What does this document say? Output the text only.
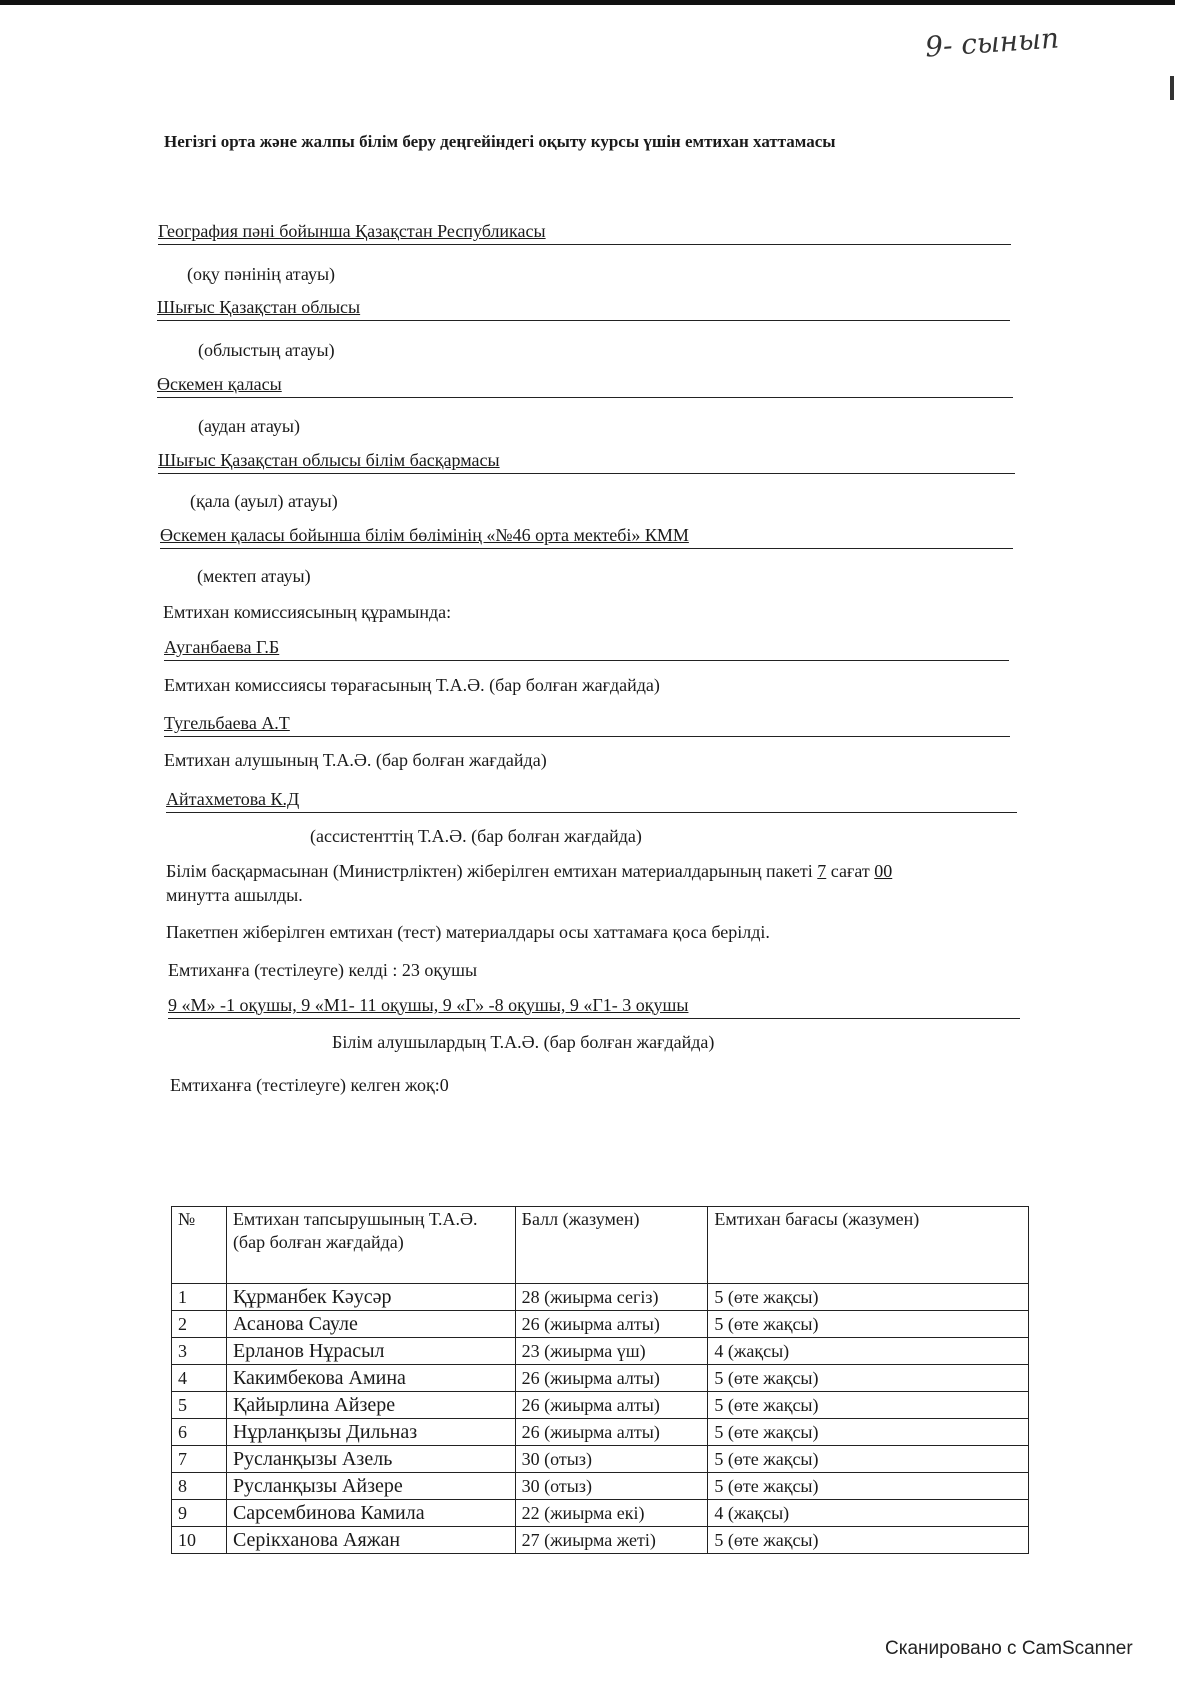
9- сынып
Негізгі орта жәнe жалпы білім беру деңгейіндегі оқыту курсы үшін емтихан хаттамасы
География пәні бойынша Қазақстан Республикасы
(оқу пәнінің атауы)
Шығыс Қазақстан облысы
(облыстың атауы)
Өскемен қаласы
(аудан атауы)
Шығыс Қазақстан облысы білім басқармасы
(қала (ауыл) атауы)
Өскемен қаласы бойынша білім бөлімінің «№46 орта мектебі» КММ
(мектеп атауы)
Емтихан комиссиясының құрамында:
Ауганбаева Г.Б
Емтихан комиссиясы төрағасының Т.А.Ә. (бар болған жағдайда)
Тугельбаева А.Т
Емтихан алушының Т.А.Ә. (бар болған жағдайда)
Айтахметова К.Д
(ассистенттің Т.А.Ә. (бар болған жағдайда)
Білім басқармасынан (Министрліктен) жіберілген емтихан материалдарының пакеті 7 сағат 00
минутта ашылды.
Пакетпен жіберілген емтихан (тест) материалдары осы хаттамаға қоса берілді.
Емтиханға (тестілеуге) келді : 23 оқушы
9 «М» -1 оқушы, 9 «М1- 11 оқушы, 9 «Г» -8 оқушы, 9 «Г1- 3 оқушы
Білім алушылардың Т.А.Ә. (бар болған жағдайда)
Емтиханға (тестілеуге) келген жоқ:0
№	Емтихан тапсырушының Т.А.Ә. (бар болған жағдайда)	Балл (жазумен)	Емтихан бағасы (жазумен)
1	Құрманбек Кәусәр	28 (жиырма сегіз)	5 (өте жақсы)
2	Асанова Сауле	26 (жиырма алты)	5 (өте жақсы)
3	Ерланов Нұрасыл	23 (жиырма үш)	4 (жақсы)
4	Какимбекова Амина	26 (жиырма алты)	5 (өте жақсы)
5	Қайырлина Айзере	26 (жиырма алты)	5 (өте жақсы)
6	Нұрланқызы Дильназ	26 (жиырма алты)	5 (өте жақсы)
7	Русланқызы Азель	30 (отыз)	5 (өте жақсы)
8	Русланқызы Айзере	30 (отыз)	5 (өте жақсы)
9	Сарсембинова Камила	22 (жиырма екі)	4 (жақсы)
10	Серікханова Аяжан	27 (жиырма жеті)	5 (өте жақсы)
Сканировано с CamScanner
